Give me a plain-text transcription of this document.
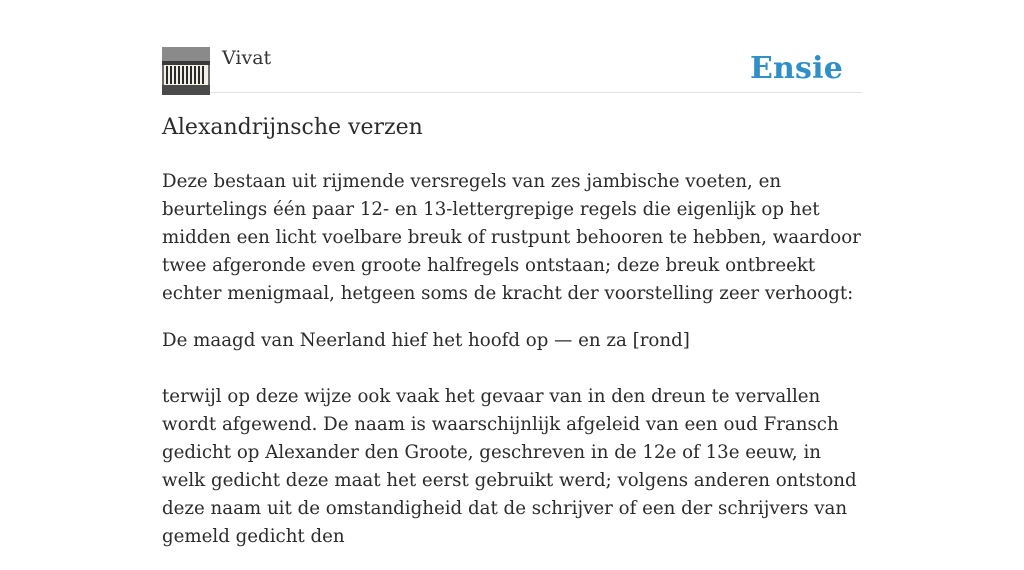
Vivat	Ensie
Alexandrijnsche verzen

Deze bestaan uit rijmende versregels van zes jambische voeten, en beurtelings één paar 12- en 13-lettergrepige regels die eigenlijk op het midden een licht voelbare breuk of rustpunt behooren te hebben, waardoor twee afgeronde even groote halfregels ontstaan; deze breuk ontbreekt echter menigmaal, hetgeen soms de kracht der voorstelling zeer verhoogt:

De maagd van Neerland hief het hoofd op — en za [rond]

terwijl op deze wijze ook vaak het gevaar van in den dreun te vervallen wordt afgewend. De naam is waarschijnlijk afgeleid van een oud Fransch gedicht op Alexander den Groote, geschreven in de 12e of 13e eeuw, in welk gedicht deze maat het eerst gebruikt werd; volgens anderen ontstond deze naam uit de omstandigheid dat de schrijver of een der schrijvers van gemeld gedicht den
